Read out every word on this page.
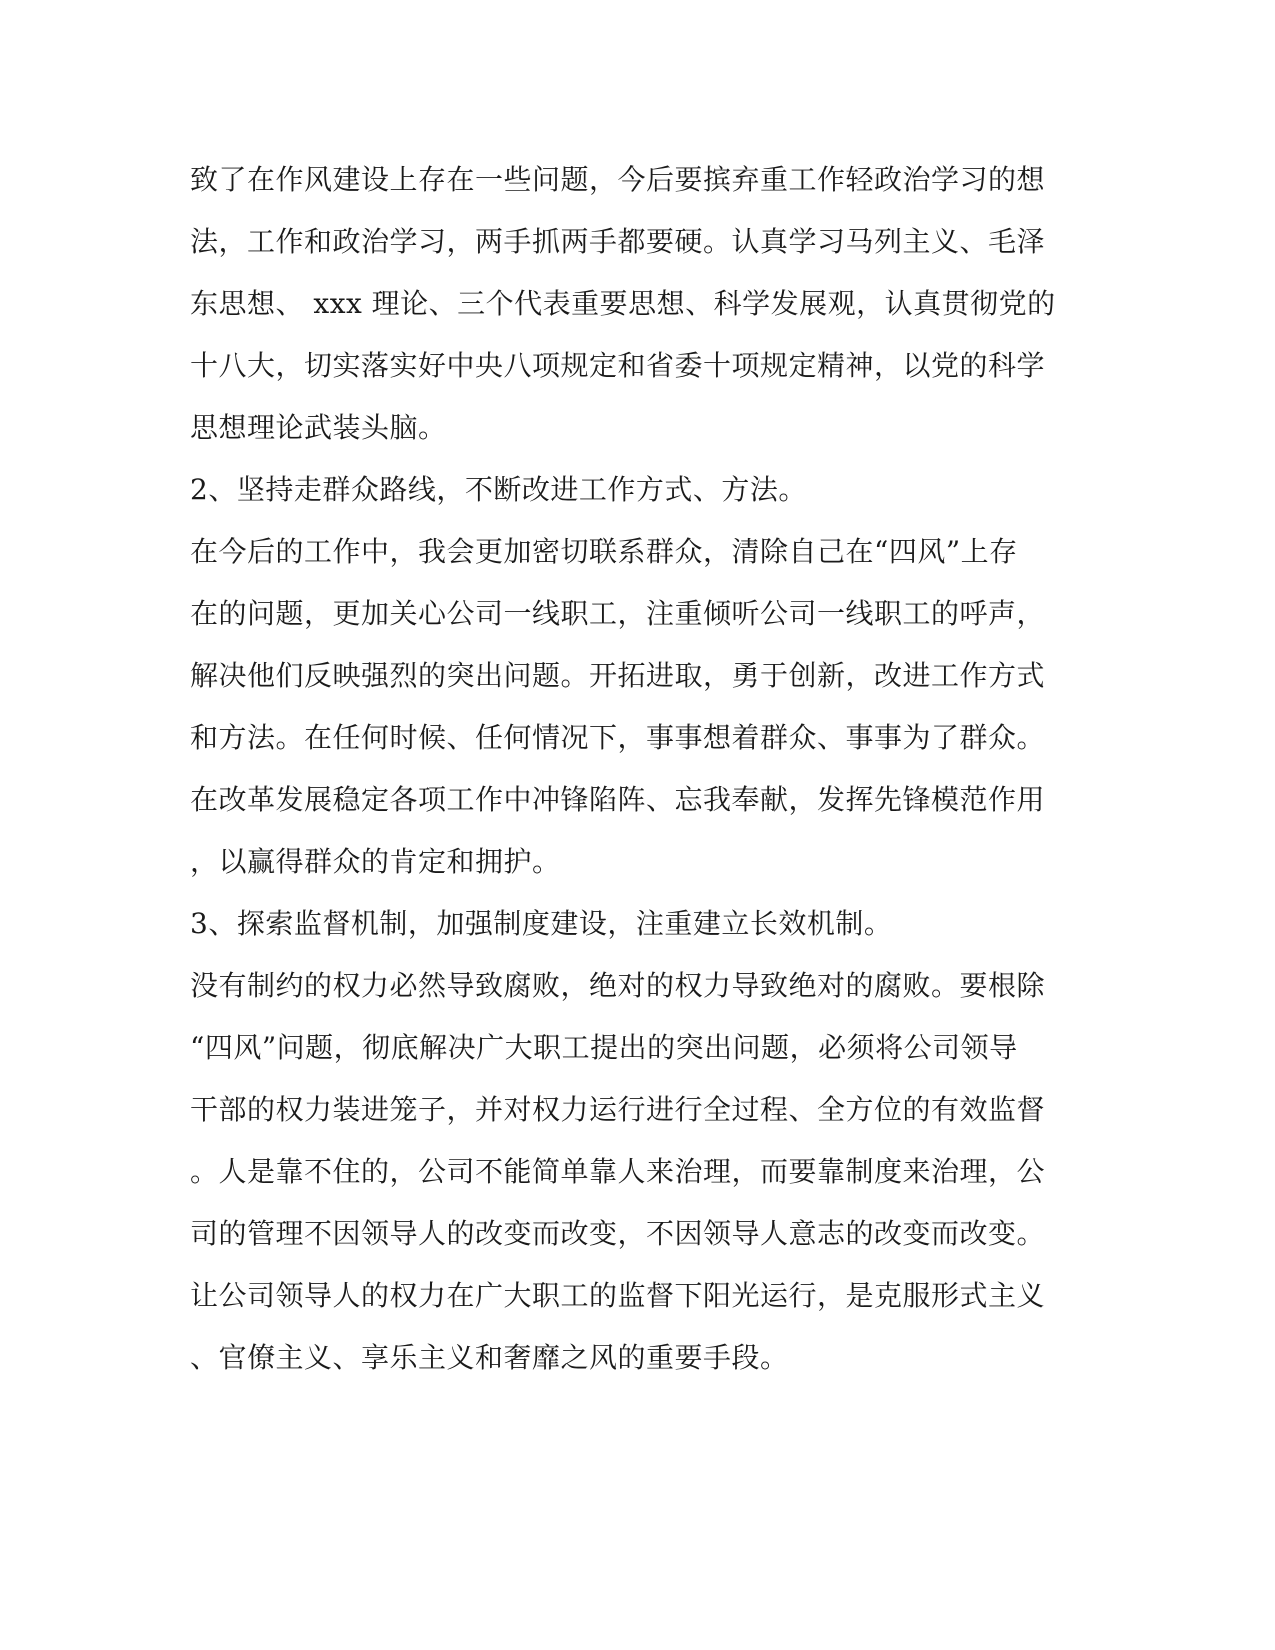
致了在作风建设上存在一些问题，今后要摈弃重工作轻政治学习的想
法，工作和政治学习，两手抓两手都要硬。认真学习马列主义、毛泽
东思想、 xxx 理论、三个代表重要思想、科学发展观，认真贯彻党的
十八大，切实落实好中央八项规定和省委十项规定精神，以党的科学
思想理论武装头脑。
2、坚持走群众路线，不断改进工作方式、方法。
在今后的工作中，我会更加密切联系群众，清除自己在“四风”上存
在的问题，更加关心公司一线职工，注重倾听公司一线职工的呼声，
解决他们反映强烈的突出问题。开拓进取，勇于创新，改进工作方式
和方法。在任何时候、任何情况下，事事想着群众、事事为了群众。
在改革发展稳定各项工作中冲锋陷阵、忘我奉献，发挥先锋模范作用
，以赢得群众的肯定和拥护。
3、探索监督机制，加强制度建设，注重建立长效机制。
没有制约的权力必然导致腐败，绝对的权力导致绝对的腐败。要根除
“四风”问题，彻底解决广大职工提出的突出问题，必须将公司领导
干部的权力装进笼子，并对权力运行进行全过程、全方位的有效监督
。人是靠不住的，公司不能简单靠人来治理，而要靠制度来治理，公
司的管理不因领导人的改变而改变，不因领导人意志的改变而改变。
让公司领导人的权力在广大职工的监督下阳光运行，是克服形式主义
、官僚主义、享乐主义和奢靡之风的重要手段。
